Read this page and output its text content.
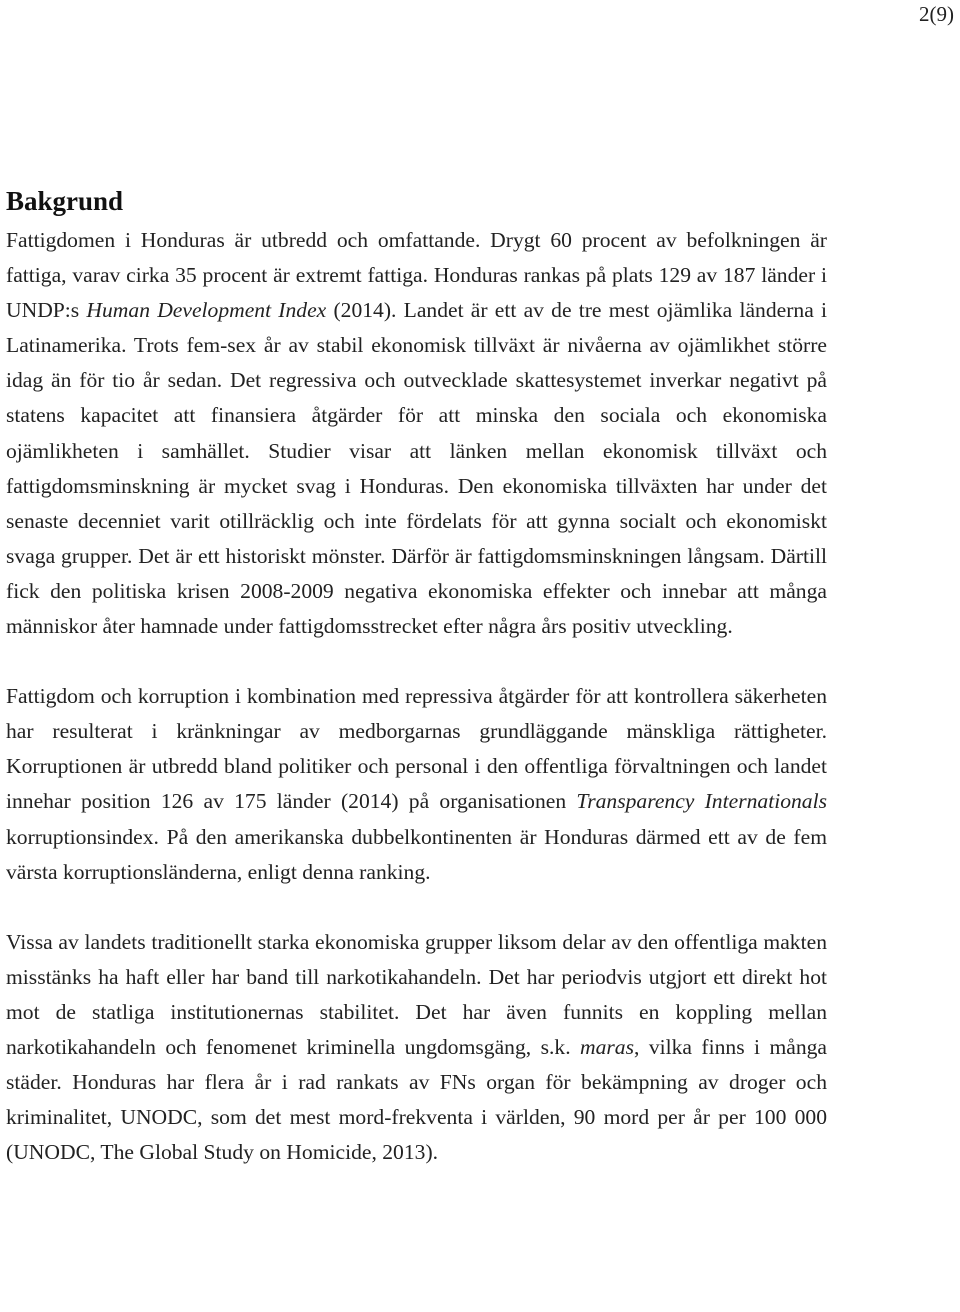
2(9)
Bakgrund

Fattigdomen i Honduras är utbredd och omfattande. Drygt 60 procent av befolkningen är fattiga, varav cirka 35 procent är extremt fattiga. Honduras rankas på plats 129 av 187 länder i UNDP:s Human Development Index (2014). Landet är ett av de tre mest ojämlika länderna i Latinamerika. Trots fem-sex år av stabil ekonomisk tillväxt är nivåerna av ojämlikhet större idag än för tio år sedan. Det regressiva och outvecklade skattesystemet inverkar negativt på statens kapacitet att finansiera åtgärder för att minska den sociala och ekonomiska ojämlikheten i samhället. Studier visar att länken mellan ekonomisk tillväxt och fattigdomsminskning är mycket svag i Honduras. Den ekonomiska tillväxten har under det senaste decenniet varit otillräcklig och inte fördelats för att gynna socialt och ekonomiskt svaga grupper. Det är ett historiskt mönster. Därför är fattigdomsminskningen långsam. Därtill fick den politiska krisen 2008-2009 negativa ekonomiska effekter och innebar att många människor åter hamnade under fattigdomsstrecket efter några års positiv utveckling.

Fattigdom och korruption i kombination med repressiva åtgärder för att kontrollera säkerheten har resulterat i kränkningar av medborgarnas grundläggande mänskliga rättigheter. Korruptionen är utbredd bland politiker och personal i den offentliga förvaltningen och landet innehar position 126 av 175 länder (2014) på organisationen Transparency Internationals korruptionsindex. På den amerikanska dubbelkontinenten är Honduras därmed ett av de fem värsta korruptionsländerna, enligt denna ranking.

Vissa av landets traditionellt starka ekonomiska grupper liksom delar av den offentliga makten misstänks ha haft eller har band till narkotikahandeln. Det har periodvis utgjort ett direkt hot mot de statliga institutionernas stabilitet. Det har även funnits en koppling mellan narkotikahandeln och fenomenet kriminella ungdomsgäng, s.k. maras, vilka finns i många städer. Honduras har flera år i rad rankats av FNs organ för bekämpning av droger och kriminalitet, UNODC, som det mest mord-frekventa i världen, 90 mord per år per 100 000 (UNODC, The Global Study on Homicide, 2013).
